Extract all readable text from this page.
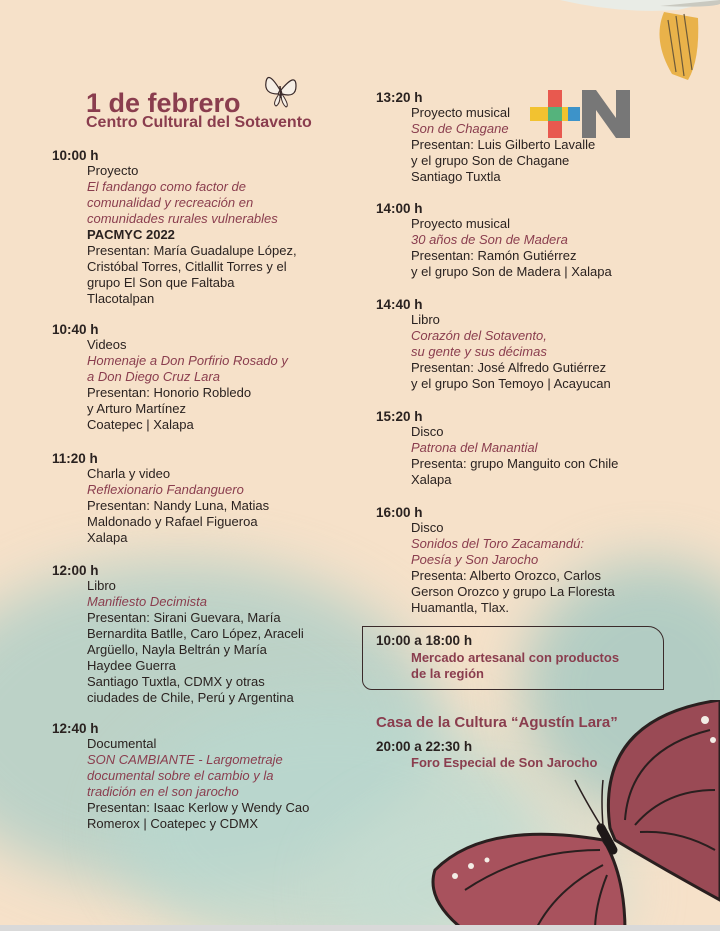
1 de febrero
Centro Cultural del Sotavento
10:00 h
Proyecto
El fandango como factor de
comunalidad y recreación en
comunidades rurales vulnerables
PACMYC 2022
Presentan: María Guadalupe López,
Cristóbal Torres, Citlallit Torres y el
grupo El Son que Faltaba
Tlacotalpan
10:40 h
Videos
Homenaje a Don Porfirio Rosado y
a Don Diego Cruz Lara
Presentan: Honorio Robledo
y Arturo Martínez
Coatepec | Xalapa
11:20 h
Charla y video
Reflexionario Fandanguero
Presentan: Nandy Luna, Matias
Maldonado y Rafael Figueroa
Xalapa
12:00 h
Libro
Manifiesto Decimista
Presentan: Sirani Guevara, María
Bernardita Batlle, Caro López, Araceli
Argüello, Nayla Beltrán y María
Haydee Guerra
Santiago Tuxtla, CDMX y otras
ciudades de Chile, Perú y Argentina
12:40 h
Documental
SON CAMBIANTE - Largometraje
documental sobre el cambio y la
tradición en el son jarocho
Presentan: Isaac Kerlow y Wendy Cao
Romerox | Coatepec y CDMX
13:20 h
Proyecto musical
Son de Chagane
Presentan: Luis Gilberto Lavalle
y el grupo Son de Chagane
Santiago Tuxtla
14:00 h
Proyecto musical
30 años de Son de Madera
Presentan: Ramón Gutiérrez
y el grupo Son de Madera | Xalapa
14:40 h
Libro
Corazón del Sotavento,
su gente y sus décimas
Presentan: José Alfredo Gutiérrez
y el grupo Son Temoyo | Acayucan
15:20 h
Disco
Patrona del Manantial
Presenta: grupo Manguito con Chile
Xalapa
16:00 h
Disco
Sonidos del Toro Zacamandú:
Poesía y Son Jarocho
Presenta: Alberto Orozco, Carlos
Gerson Orozco y grupo La Floresta
Huamantla, Tlax.
10:00 a 18:00 h
Mercado artesanal con productos
de la región
Casa de la Cultura “Agustín Lara”
20:00 a 22:30 h
Foro Especial de Son Jarocho
